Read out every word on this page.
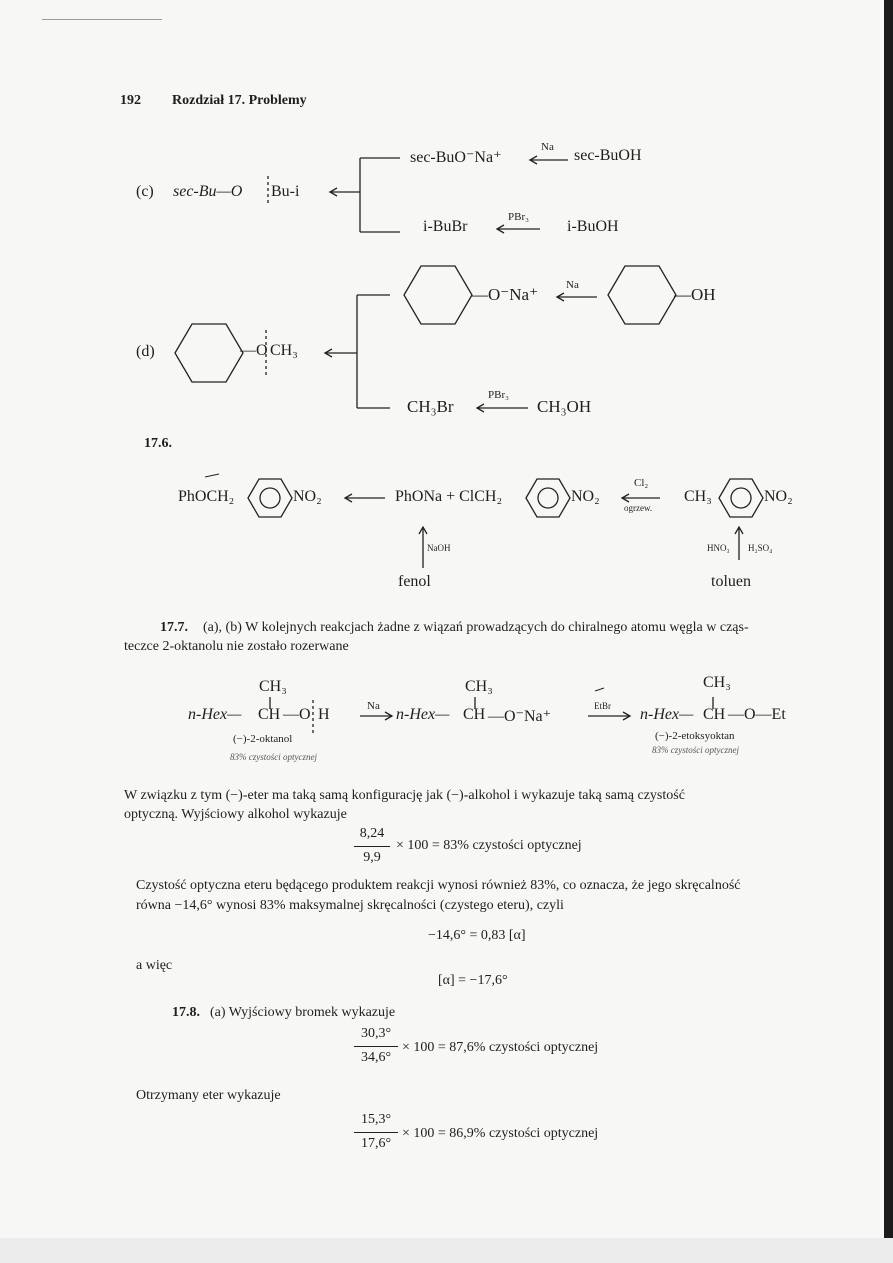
192 Rozdział 17. Problemy
(c) sec-Bu—O Bu-i
sec-BuO⁻Na⁺
Na sec-BuOH
i-BuBr
PBr₃
i-BuOH
(d)	—O CH₃
—O⁻Na⁺	Na	—OH
CH₃Br
PBr₃
CH₃OH
17.6.
PhOCH₂	NO₂	PhONa + ClCH₂	NO₂
Cl₂
ogrzew.
CH₃	NO₂
NaOH	HNO₃ H₂SO₄
fenol	toluen
17.7. (a), (b) W kolejnych reakcjach żadne z wiązań prowadzących do chiralnego atomu węgla w cząs-
teczce 2-oktanolu nie zostało rozerwane
CH₃
n-Hex— CH —O H
(−)-2-oktanol
83% czystości optycznej
Na
CH₃
n-Hex— CH —O⁻Na⁺
EtBr
CH₃
n-Hex— CH —O—Et
(−)-2-etoksyoktan
83% czystości optycznej
W związku z tym (−)-eter ma taką samą konfigurację jak (−)-alkohol i wykazuje taką samą czystość
optyczną. Wyjściowy alkohol wykazuje
8,24
9,9
× 100 = 83% czystości optycznej
Czystość optyczna eteru będącego produktem reakcji wynosi również 83%, co oznacza, że jego skręcalność
równa −14,6° wynosi 83% maksymalnej skręcalności (czystego eteru), czyli
−14,6° = 0,83 [α]
a więc
[α] = −17,6°
17.8. (a) Wyjściowy bromek wykazuje
30,3°
34,6°
× 100 = 87,6% czystości optycznej
Otrzymany eter wykazuje
15,3°
17,6°
× 100 = 86,9% czystości optycznej
